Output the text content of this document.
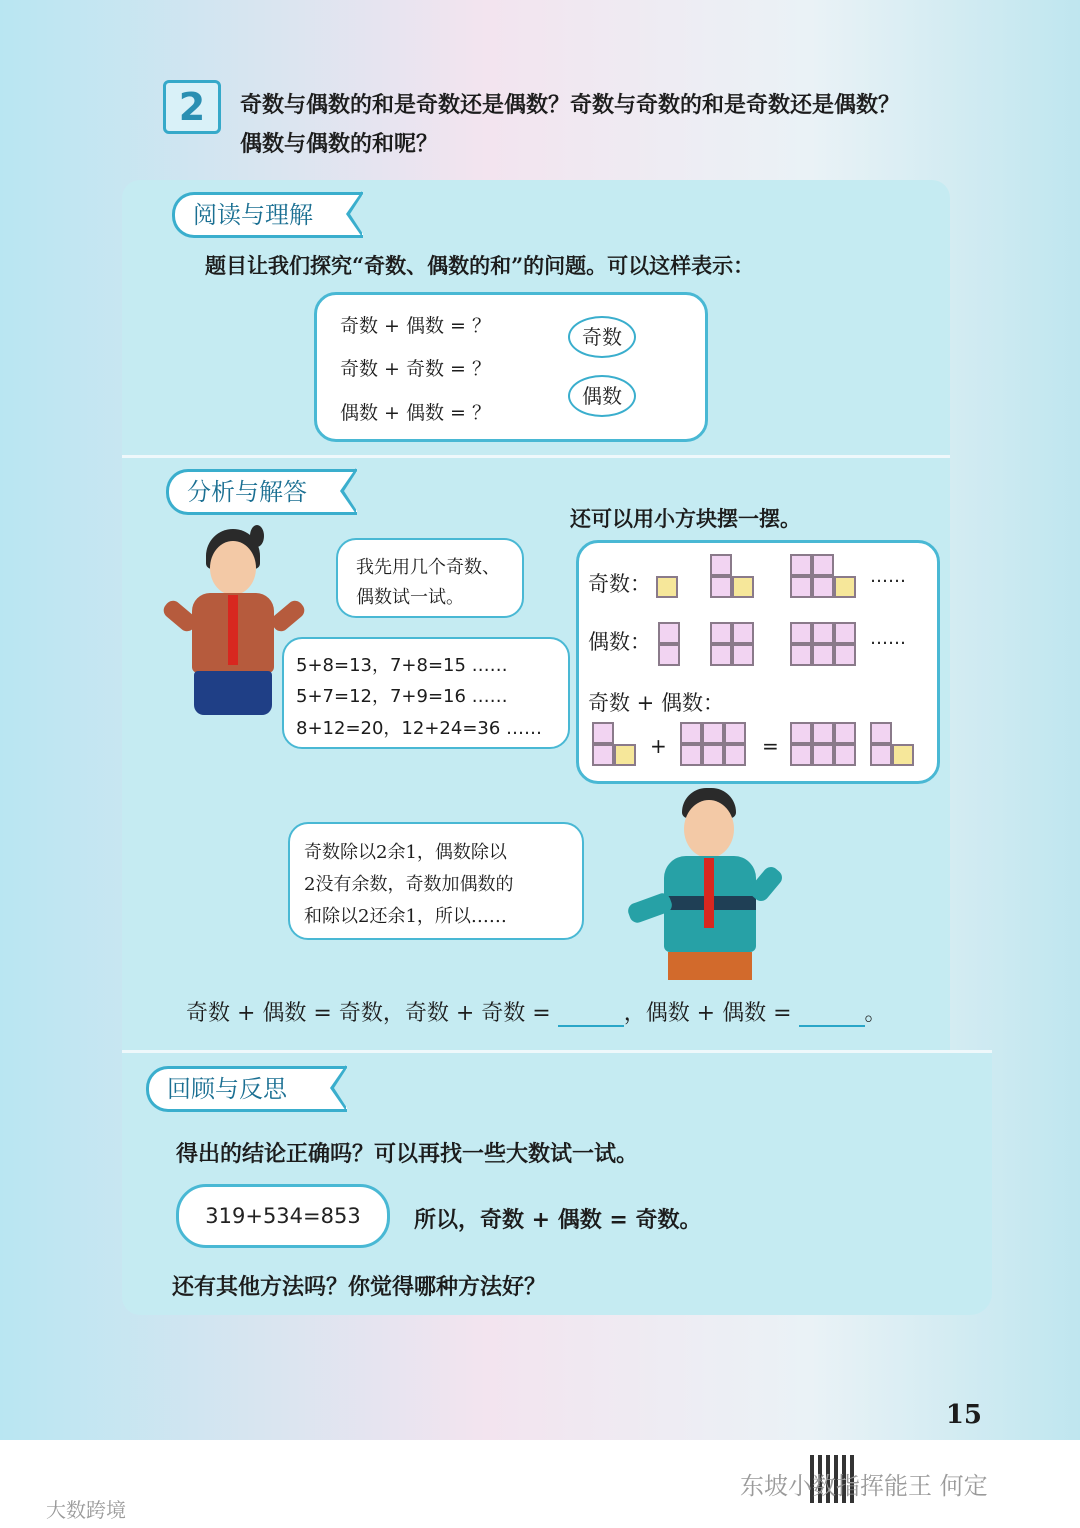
2	奇数与偶数的和是奇数还是偶数？奇数与奇数的和是奇数还是偶数？
偶数与偶数的和呢？
阅读与理解
题目让我们探究“奇数、偶数的和”的问题。可以这样表示：
奇数 + 偶数 = ？
奇数 + 奇数 = ？
偶数 + 偶数 = ？
奇数
偶数
分析与解答
我先用几个奇数、
偶数试一试。
5+8=13，7+8=15 ……
5+7=12，7+9=16 ……
8+12=20，12+24=36 ……
还可以用小方块摆一摆。
奇数：
偶数：
奇数 + 偶数：
……
……
+	=
奇数除以2余1，偶数除以
2没有余数，奇数加偶数的
和除以2还余1，所以……
奇数 + 偶数 = 奇数，奇数 + 奇数 =	，偶数 + 偶数 =	。
回顾与反思
得出的结论正确吗？可以再找一些大数试一试。
319+534=853	所以，奇数 + 偶数 = 奇数。
还有其他方法吗？你觉得哪种方法好？
15
大数跨境
东坡小数指挥能王 何定
